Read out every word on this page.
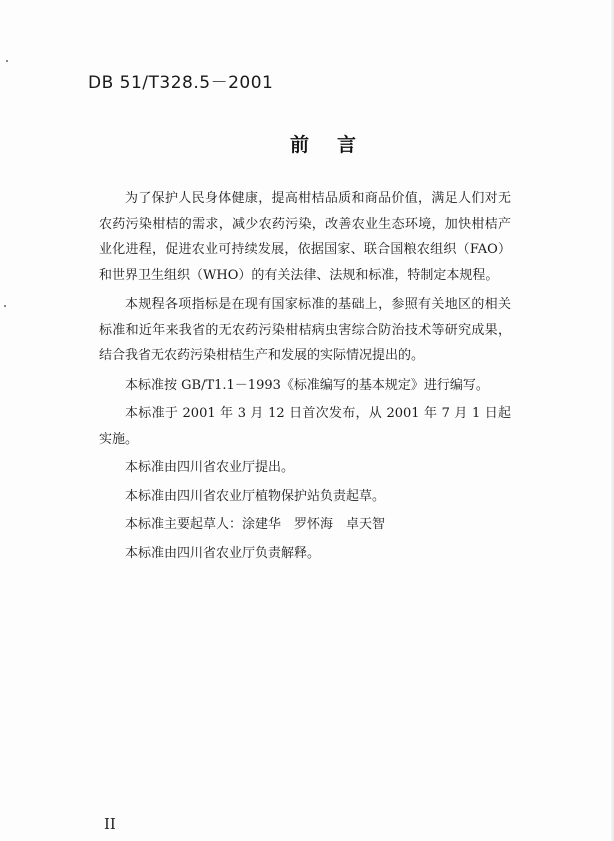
DB 51/T328.5－2001
前言

为了保护人民身体健康，提高柑桔品质和商品价值，满足人们对无农药污染柑桔的需求，减少农药污染，改善农业生态环境，加快柑桔产业化进程，促进农业可持续发展，依据国家、联合国粮农组织（FAO）和世界卫生组织（WHO）的有关法律、法规和标准，特制定本规程。

本规程各项指标是在现有国家标准的基础上，参照有关地区的相关标准和近年来我省的无农药污染柑桔病虫害综合防治技术等研究成果，结合我省无农药污染柑桔生产和发展的实际情况提出的。

本标准按 GB/T1.1－1993《标准编写的基本规定》进行编写。

本标准于 2001 年 3 月 12 日首次发布，从 2001 年 7 月 1 日起实施。

本标准由四川省农业厅提出。

本标准由四川省农业厅植物保护站负责起草。

本标准主要起草人：涂建华　罗怀海　卓天智

本标准由四川省农业厅负责解释。

II
